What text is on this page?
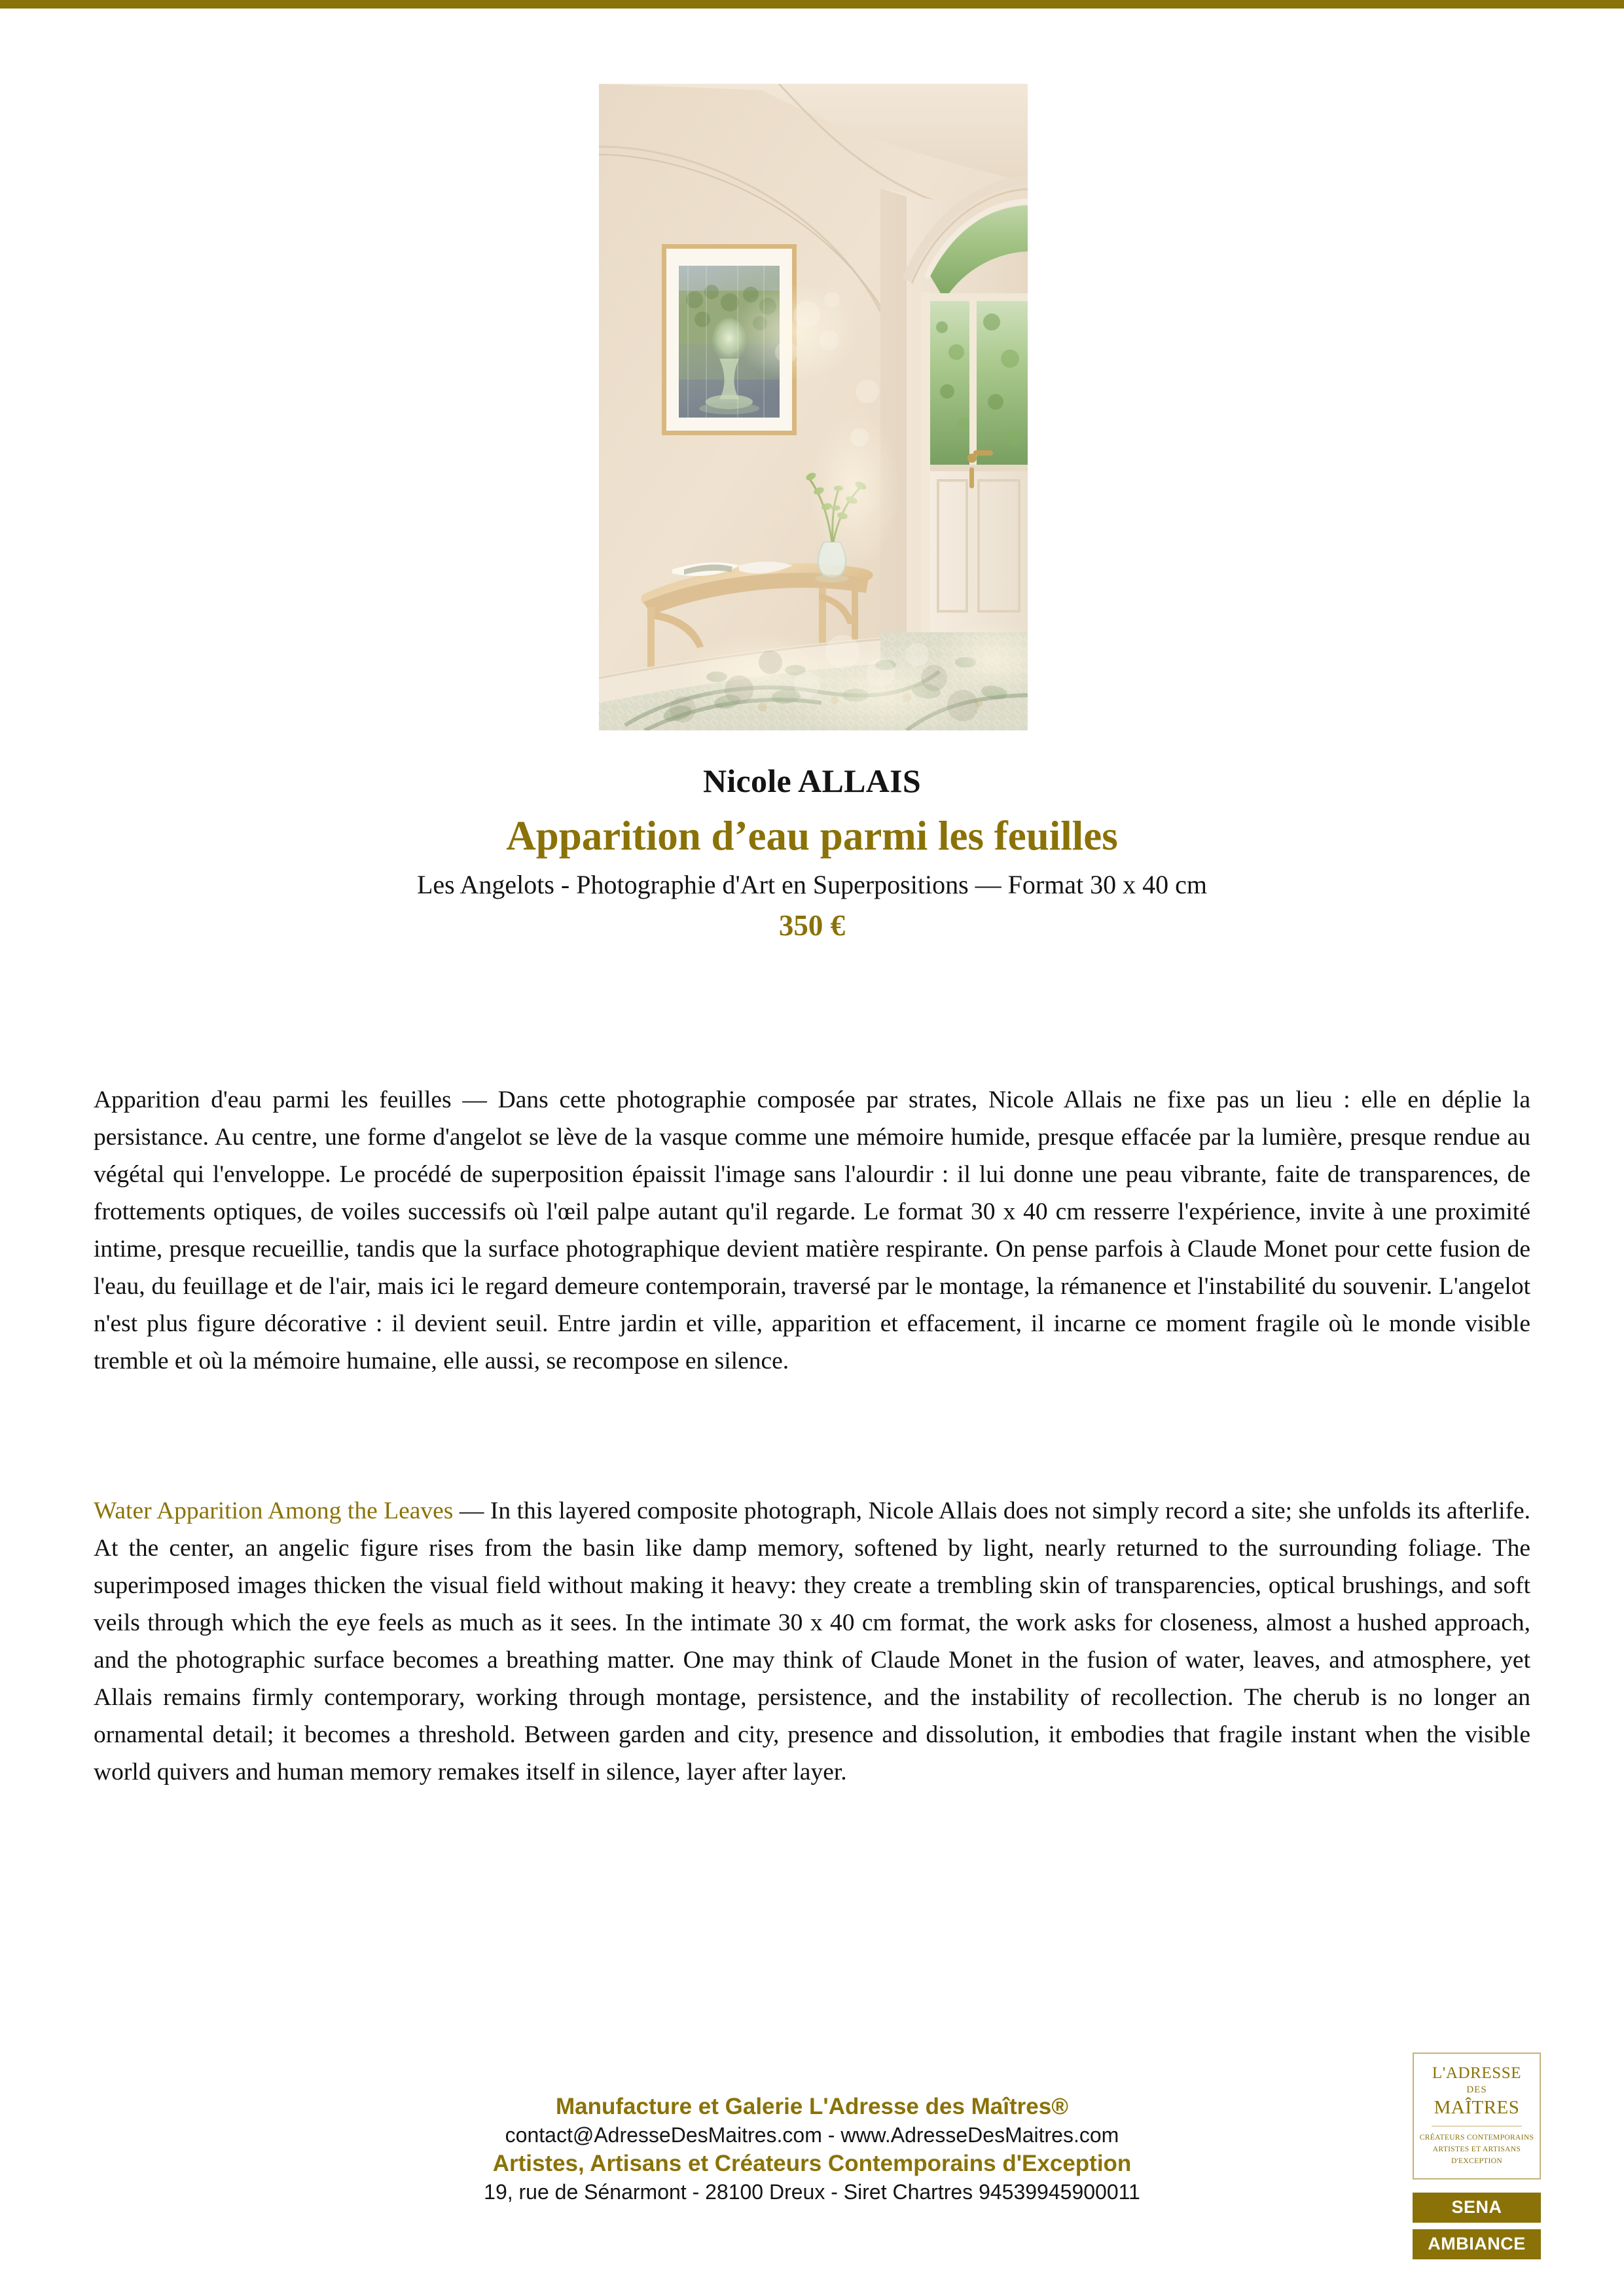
Nicole ALLAIS
Apparition d’eau parmi les feuilles
Les Angelots - Photographie d'Art en Superpositions — Format 30 x 40 cm
350 €
Apparition d'eau parmi les feuilles — Dans cette photographie composée par strates, Nicole Allais ne fixe pas un lieu : elle en déplie la persistance. Au centre, une forme d'angelot se lève de la vasque comme une mémoire humide, presque effacée par la lumière, presque rendue au végétal qui l'enveloppe. Le procédé de superposition épaissit l'image sans l'alourdir : il lui donne une peau vibrante, faite de transparences, de frottements optiques, de voiles successifs où l'œil palpe autant qu'il regarde. Le format 30 x 40 cm resserre l'expérience, invite à une proximité intime, presque recueillie, tandis que la surface photographique devient matière respirante. On pense parfois à Claude Monet pour cette fusion de l'eau, du feuillage et de l'air, mais ici le regard demeure contemporain, traversé par le montage, la rémanence et l'instabilité du souvenir. L'angelot n'est plus figure décorative : il devient seuil. Entre jardin et ville, apparition et effacement, il incarne ce moment fragile où le monde visible tremble et où la mémoire humaine, elle aussi, se recompose en silence.
Water Apparition Among the Leaves — In this layered composite photograph, Nicole Allais does not simply record a site; she unfolds its afterlife. At the center, an angelic figure rises from the basin like damp memory, softened by light, nearly returned to the surrounding foliage. The superimposed images thicken the visual field without making it heavy: they create a trembling skin of transparencies, optical brushings, and soft veils through which the eye feels as much as it sees. In the intimate 30 x 40 cm format, the work asks for closeness, almost a hushed approach, and the photographic surface becomes a breathing matter. One may think of Claude Monet in the fusion of water, leaves, and atmosphere, yet Allais remains firmly contemporary, working through montage, persistence, and the instability of recollection. The cherub is no longer an ornamental detail; it becomes a threshold. Between garden and city, presence and dissolution, it embodies that fragile instant when the visible world quivers and human memory remakes itself in silence, layer after layer.
Manufacture et Galerie L'Adresse des Maîtres®
contact@AdresseDesMaitres.com - www.AdresseDesMaitres.com
Artistes, Artisans et Créateurs Contemporains d'Exception
19, rue de Sénarmont - 28100 Dreux - Siret Chartres 94539945900011
L'ADRESSE
DES
MAÎTRES
CRÉATEURS CONTEMPORAINS
ARTISTES ET ARTISANS
D'EXCEPTION
SENA
AMBIANCE
